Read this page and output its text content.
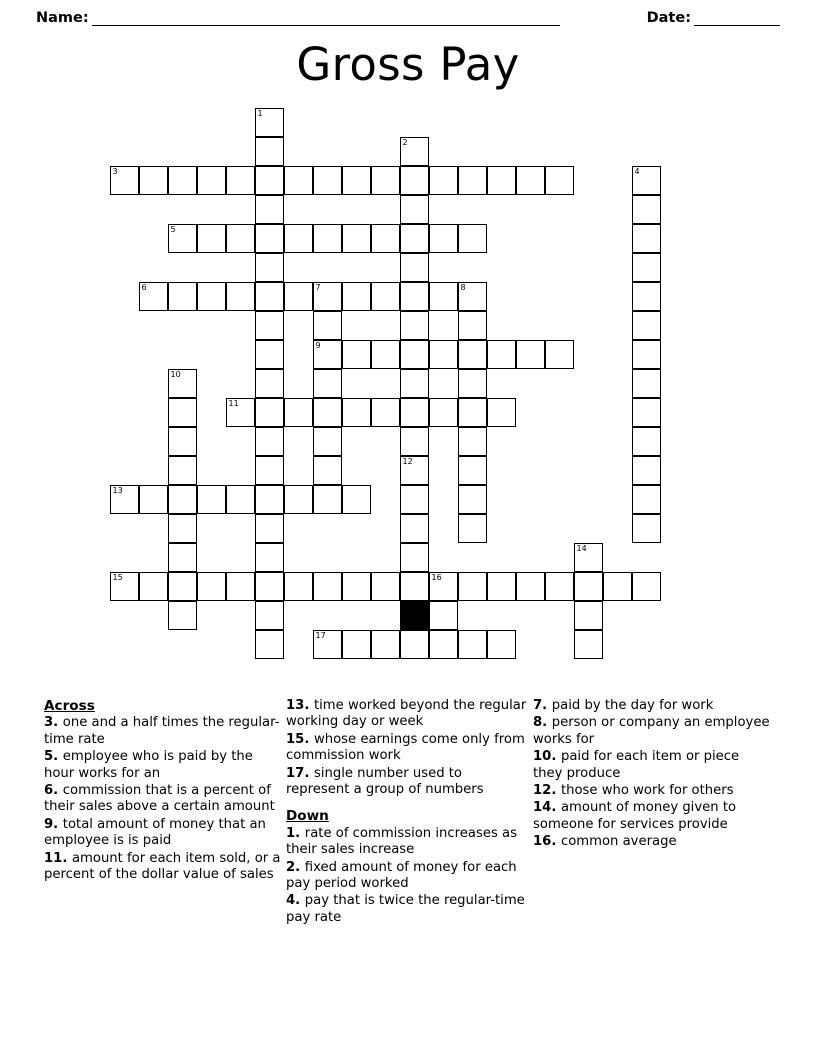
Name:	Date:
Gross Pay
1
3
2
4
5
6	7	8
9
10
11
12
13
14
15	16
17
Across
3. one and a half times the regular-time rate
5. employee who is paid by the hour works for an
6. commission that is a percent of their sales above a certain amount
9. total amount of money that an employee is is paid
11. amount for each item sold, or a percent of the dollar value of sales
13. time worked beyond the regular working day or week
15. whose earnings come only from commission work
17. single number used to represent a group of numbers
Down
1. rate of commission increases as their sales increase
2. fixed amount of money for each pay period worked
4. pay that is twice the regular-time pay rate
7. paid by the day for work
8. person or company an employee works for
10. paid for each item or piece they produce
12. those who work for others
14. amount of money given to someone for services provide
16. common average
